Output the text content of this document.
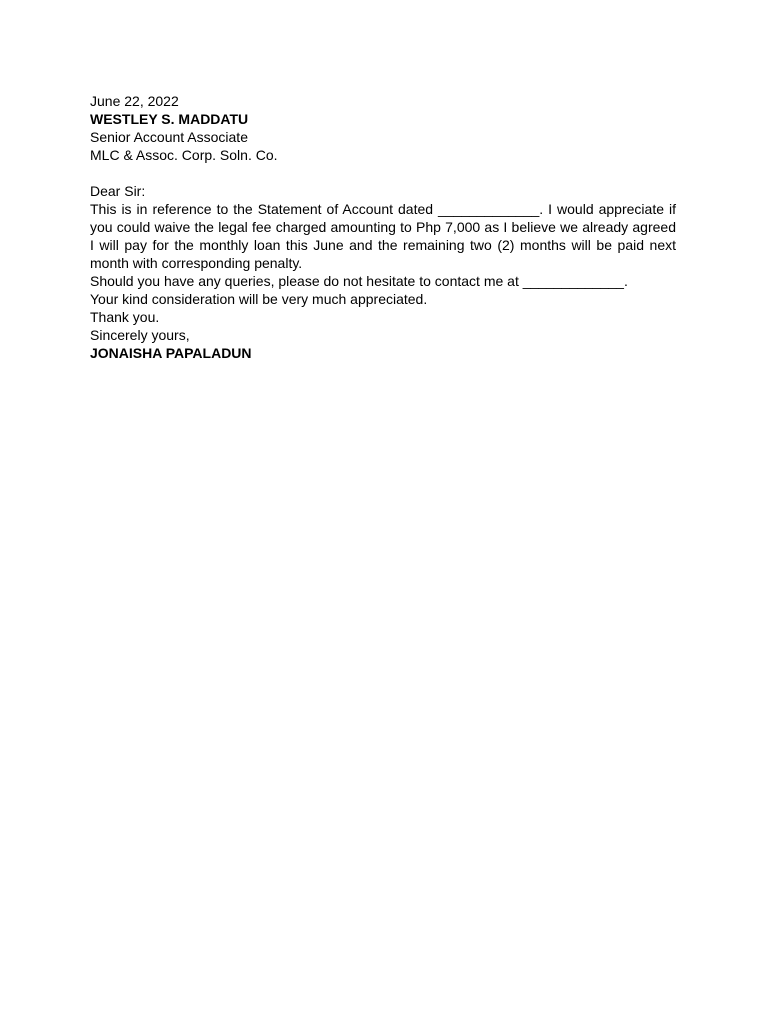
June 22, 2022

WESTLEY S. MADDATU

Senior Account Associate

MLC & Assoc. Corp. Soln. Co.

Dear Sir:

This is in reference to the Statement of Account dated _____________. I would appreciate if you could waive the legal fee charged amounting to Php 7,000 as I believe we already agreed I will pay for the monthly loan this June and the remaining two (2) months will be paid next month with corresponding penalty.

Should you have any queries, please do not hesitate to contact me at _____________.

Your kind consideration will be very much appreciated.

Thank you.

Sincerely yours,

JONAISHA PAPALADUN
